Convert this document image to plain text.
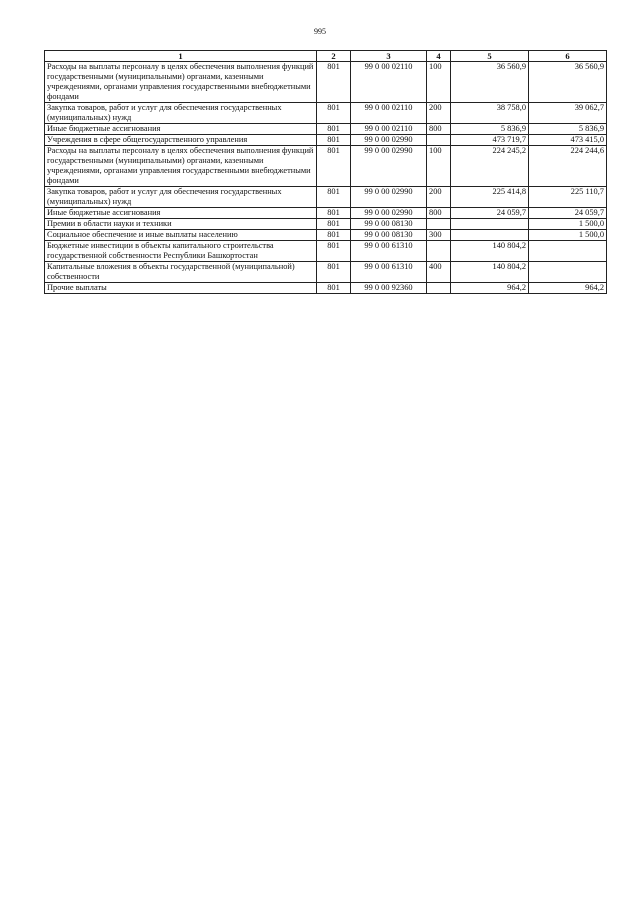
995
1	2	3	4	5	6
Расходы на выплаты персоналу в целях обеспечения выполнения функций государственными (муниципальными) органами, казенными учреждениями, органами управления государственными внебюджетными фондами	801	99 0 00 02110	100	36 560,9	36 560,9
Закупка товаров, работ и услуг для обеспечения государственных (муниципальных) нужд	801	99 0 00 02110	200	38 758,0	39 062,7
Иные бюджетные ассигнования	801	99 0 00 02110	800	5 836,9	5 836,9
Учреждения в сфере общегосударственного управления	801	99 0 00 02990		473 719,7	473 415,0
Расходы на выплаты персоналу в целях обеспечения выполнения функций государственными (муниципальными) органами, казенными учреждениями, органами управления государственными внебюджетными фондами	801	99 0 00 02990	100	224 245,2	224 244,6
Закупка товаров, работ и услуг для обеспечения государственных (муниципальных) нужд	801	99 0 00 02990	200	225 414,8	225 110,7
Иные бюджетные ассигнования	801	99 0 00 02990	800	24 059,7	24 059,7
Премии в области науки и техники	801	99 0 00 08130			1 500,0
Социальное обеспечение и иные выплаты населению	801	99 0 00 08130	300		1 500,0
Бюджетные инвестиции в объекты капитального строительства государственной собственности Республики Башкортостан	801	99 0 00 61310		140 804,2	
Капитальные вложения в объекты государственной (муниципальной) собственности	801	99 0 00 61310	400	140 804,2	
Прочие выплаты	801	99 0 00 92360		964,2	964,2
